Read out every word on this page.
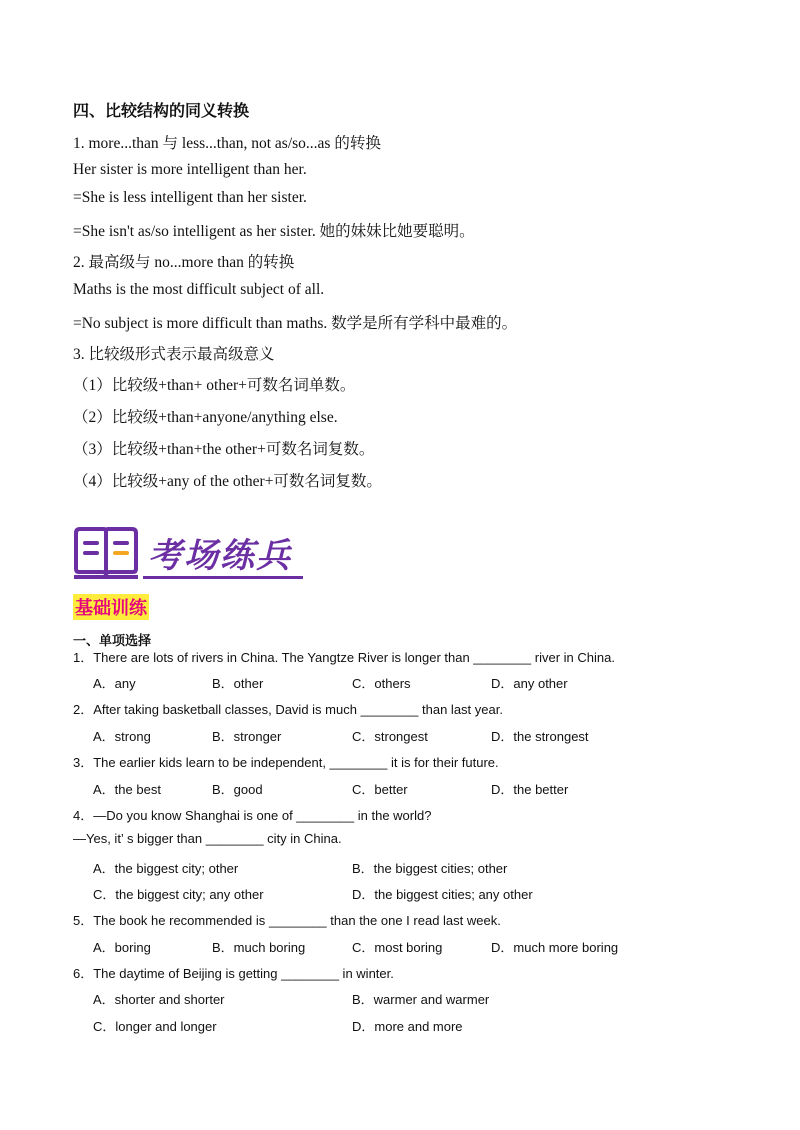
四、比较结构的同义转换
1. more...than 与 less...than, not as/so...as 的转换
Her sister is more intelligent than her.
=She is less intelligent than her sister.
=She isn't as/so intelligent as her sister. 她的妹妹比她要聪明。
2. 最高级与 no...more than 的转换
Maths is the most difficult subject of all.
=No subject is more difficult than maths. 数学是所有学科中最难的。
3. 比较级形式表示最高级意义
（1）比较级+than+ other+可数名词单数。
（2）比较级+than+anyone/anything else.
（3）比较级+than+the other+可数名词复数。
（4）比较级+any of the other+可数名词复数。
考场练兵
基础训练
一、单项选择
1．There are lots of rivers in China. The Yangtze River is longer than ________ river in China.
A．any	B．other	C．others	D．any other
2．After taking basketball classes, David is much ________ than last year.
A．strong	B．stronger	C．strongest	D．the strongest
3．The earlier kids learn to be independent, ________ it is for their future.
A．the best	B．good	C．better	D．the better
4．—Do you know Shanghai is one of ________ in the world?
—Yes, it’ s bigger than ________ city in China.
A．the biggest city; other	B．the biggest cities; other
C．the biggest city; any other	D．the biggest cities; any other
5．The book he recommended is ________ than the one I read last week.
A．boring	B．much boring	C．most boring	D．much more boring
6．The daytime of Beijing is getting ________ in winter.
A．shorter and shorter	B．warmer and warmer
C．longer and longer	D．more and more
